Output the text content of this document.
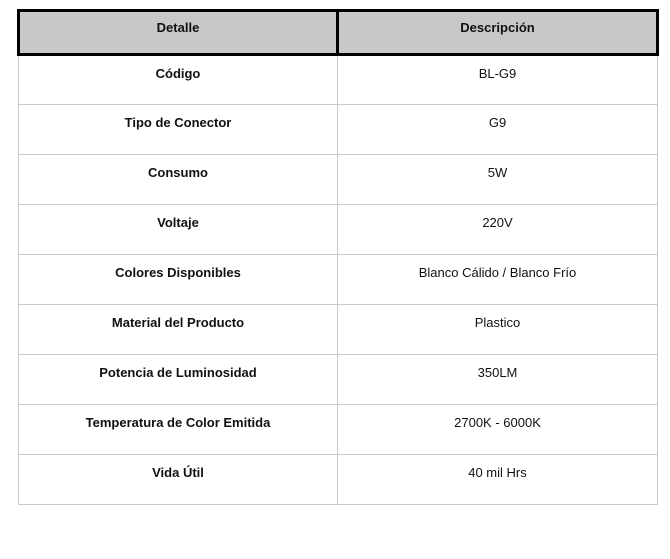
Detalle	Descripción
Código	BL-G9
Tipo de Conector	G9
Consumo	5W
Voltaje	220V
Colores Disponibles	Blanco Cálido / Blanco Frío
Material del Producto	Plastico
Potencia de Luminosidad	350LM
Temperatura de Color Emitida	2700K - 6000K
Vida Útil	40 mil Hrs
